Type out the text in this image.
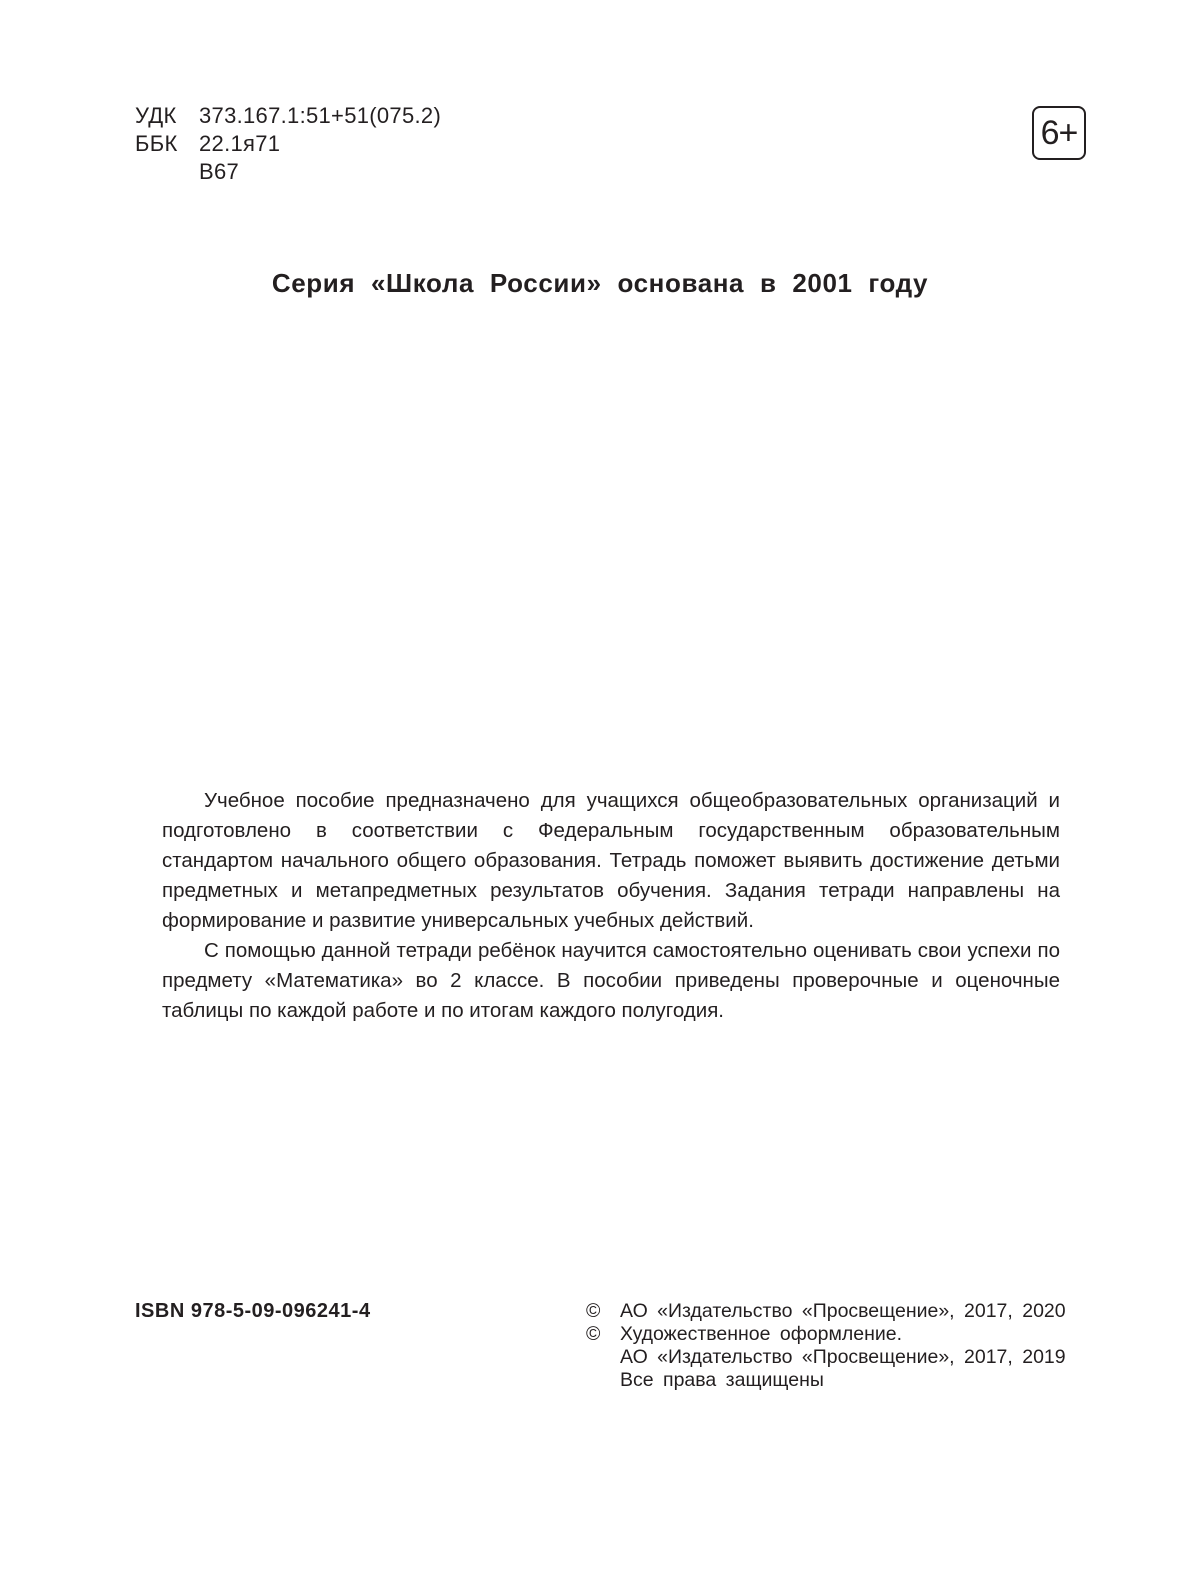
УДК	373.167.1:51+51(075.2)
ББК 22.1я71
В67
6+
Серия «Школа России» основана в 2001 году

Учебное пособие предназначено для учащихся общеобразовательных организаций и подготовлено в соответствии с Федеральным государственным образовательным стандартом начального общего образования. Тетрадь поможет выявить достижение детьми предметных и метапредметных результатов обучения. Задания тетради направлены на формирование и развитие универсальных учебных действий.

С помощью данной тетради ребёнок научится самостоятельно оценивать свои успехи по предмету «Математика» во 2 классе. В пособии приведены проверочные и оценочные таблицы по каждой работе и по итогам каждого полугодия.

ISBN 978-5-09-096241-4	©	АО «Издательство «Просвещение», 2017, 2020
©	Художественное оформление.
АО «Издательство «Просвещение», 2017, 2019
Все права защищены
